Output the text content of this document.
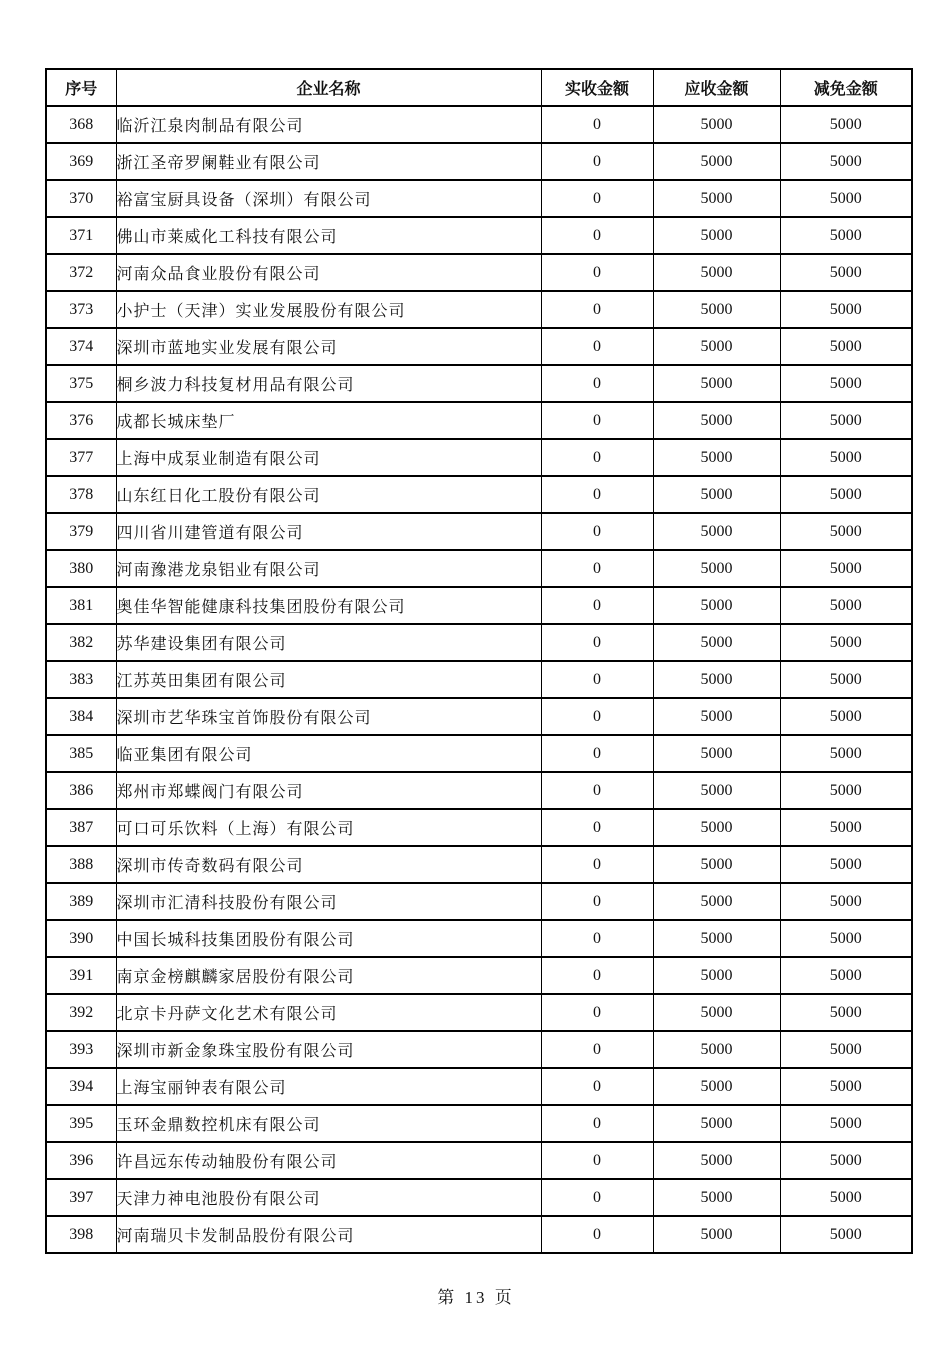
序号	企业名称	实收金额	应收金额	减免金额
368	临沂江泉肉制品有限公司	0	5000	5000
369	浙江圣帝罗阑鞋业有限公司	0	5000	5000
370	裕富宝厨具设备（深圳）有限公司	0	5000	5000
371	佛山市莱威化工科技有限公司	0	5000	5000
372	河南众品食业股份有限公司	0	5000	5000
373	小护士（天津）实业发展股份有限公司	0	5000	5000
374	深圳市蓝地实业发展有限公司	0	5000	5000
375	桐乡波力科技复材用品有限公司	0	5000	5000
376	成都长城床垫厂	0	5000	5000
377	上海中成泵业制造有限公司	0	5000	5000
378	山东红日化工股份有限公司	0	5000	5000
379	四川省川建管道有限公司	0	5000	5000
380	河南豫港龙泉铝业有限公司	0	5000	5000
381	奥佳华智能健康科技集团股份有限公司	0	5000	5000
382	苏华建设集团有限公司	0	5000	5000
383	江苏英田集团有限公司	0	5000	5000
384	深圳市艺华珠宝首饰股份有限公司	0	5000	5000
385	临亚集团有限公司	0	5000	5000
386	郑州市郑蝶阀门有限公司	0	5000	5000
387	可口可乐饮料（上海）有限公司	0	5000	5000
388	深圳市传奇数码有限公司	0	5000	5000
389	深圳市汇清科技股份有限公司	0	5000	5000
390	中国长城科技集团股份有限公司	0	5000	5000
391	南京金榜麒麟家居股份有限公司	0	5000	5000
392	北京卡丹萨文化艺术有限公司	0	5000	5000
393	深圳市新金象珠宝股份有限公司	0	5000	5000
394	上海宝丽钟表有限公司	0	5000	5000
395	玉环金鼎数控机床有限公司	0	5000	5000
396	许昌远东传动轴股份有限公司	0	5000	5000
397	天津力神电池股份有限公司	0	5000	5000
398	河南瑞贝卡发制品股份有限公司	0	5000	5000
第 13 页
